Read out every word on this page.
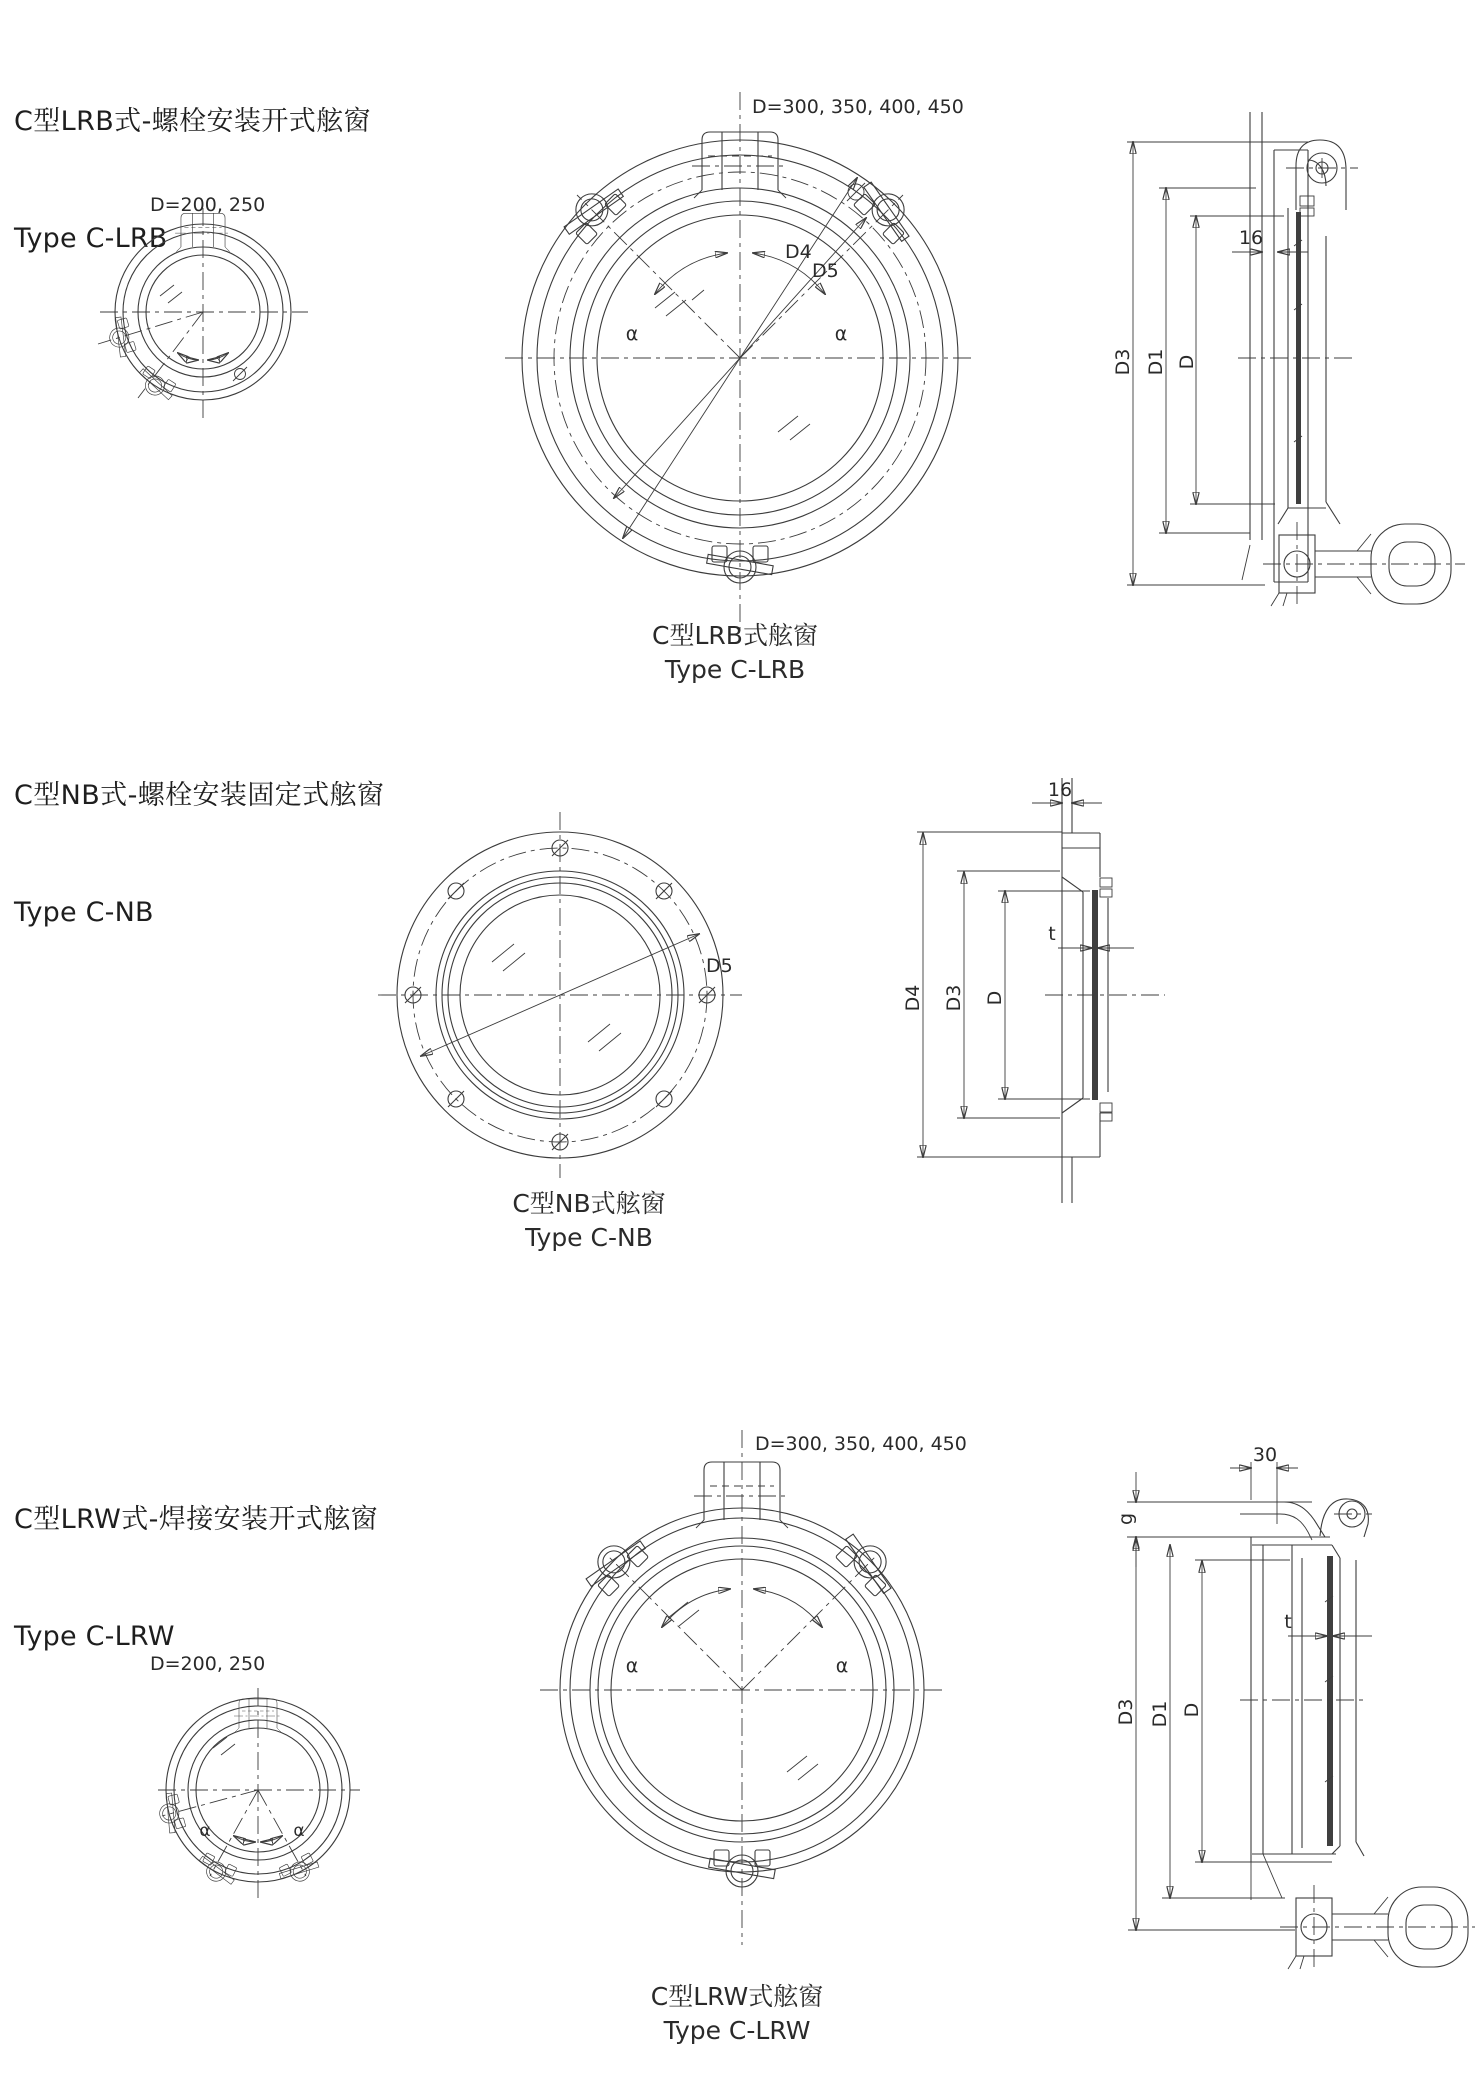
C型LRB式-螺栓安装开式舷窗

Type C-LRB

C型NB式-螺栓安装固定式舷窗

Type C-NB

C型LRW式-焊接安装开式舷窗

Type C-LRW

D=200, 250
D=300, 350, 400, 450
D4
D5
α	α
C型LRB式舷窗
Type C-LRB
16
D3 D1 D
D5
C型NB式舷窗
Type C-NB
16
t
D4 D3 D
D=200, 250
α	α
D=300, 350, 400, 450
α	α
C型LRW式舷窗
Type C-LRW
30
g
t
D3 D1 D
